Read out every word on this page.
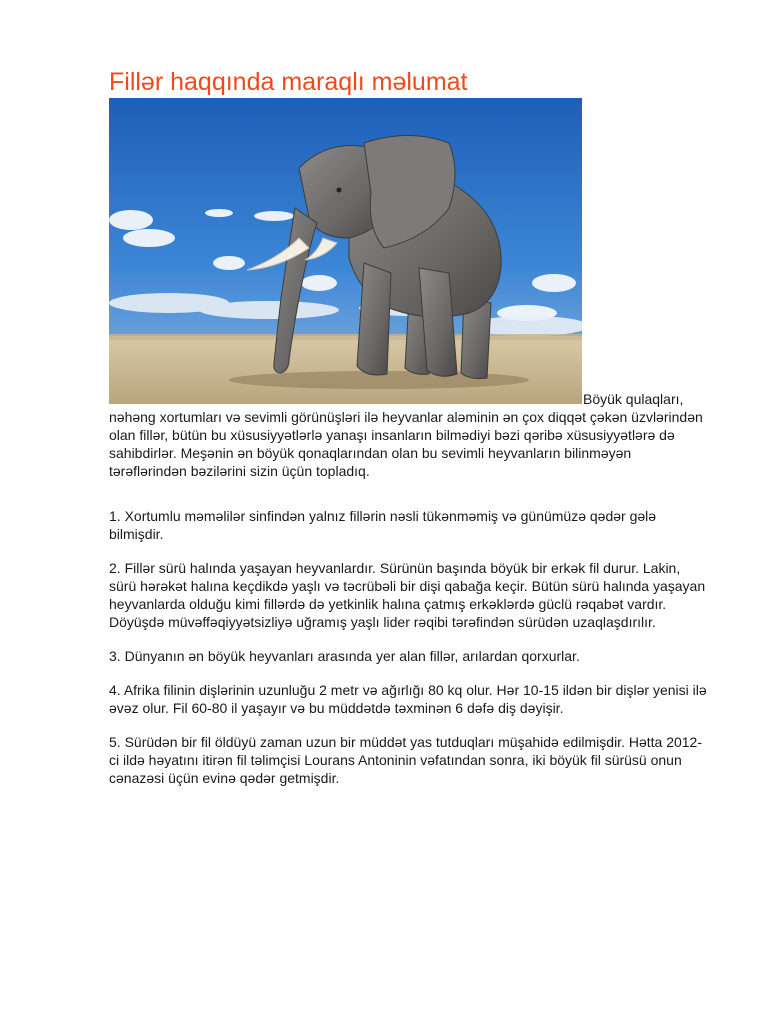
Fillər haqqında maraqlı məlumat
Böyük qulaqları,

nəhəng xortumları və sevimli görünüşləri ilə heyvanlar aləminin ən çox diqqət çəkən üzvlərindən olan fillər, bütün bu xüsusiyyətlərlə yanaşı insanların bilmədiyi bəzi qəribə xüsusiyyətlərə də sahibdirlər. Meşənin ən böyük qonaqlarından olan bu sevimli heyvanların bilinməyən tərəflərindən bəzilərini sizin üçün topladıq.

1. Xortumlu məməlilər sinfindən yalnız fillərin nəsli tükənməmiş və günümüzə qədər gələ bilmişdir.
2. Fillər sürü halında yaşayan heyvanlardır. Sürünün başında böyük bir erkək fil durur. Lakin, sürü hərəkət halına keçdikdə yaşlı və təcrübəli bir dişi qabağa keçir. Bütün sürü halında yaşayan heyvanlarda olduğu kimi fillərdə də yetkinlik halına çatmış erkəklərdə güclü rəqabət vardır. Döyüşdə müvəffəqiyyətsizliyə uğramış yaşlı lider rəqibi tərəfindən sürüdən uzaqlaşdırılır.
3. Dünyanın ən böyük heyvanları arasında yer alan fillər, arılardan qorxurlar.
4. Afrika filinin dişlərinin uzunluğu 2 metr və ağırlığı 80 kq olur. Hər 10-15 ildən bir dişlər yenisi ilə əvəz olur. Fil 60-80 il yaşayır və bu müddətdə təxminən 6 dəfə diş dəyişir.
5. Sürüdən bir fil öldüyü zaman uzun bir müddət yas tutduqları müşahidə edilmişdir. Hətta 2012-ci ildə həyatını itirən fil təlimçisi Lourans Antoninin vəfatından sonra, iki böyük fil sürüsü onun cənazəsi üçün evinə qədər getmişdir.
